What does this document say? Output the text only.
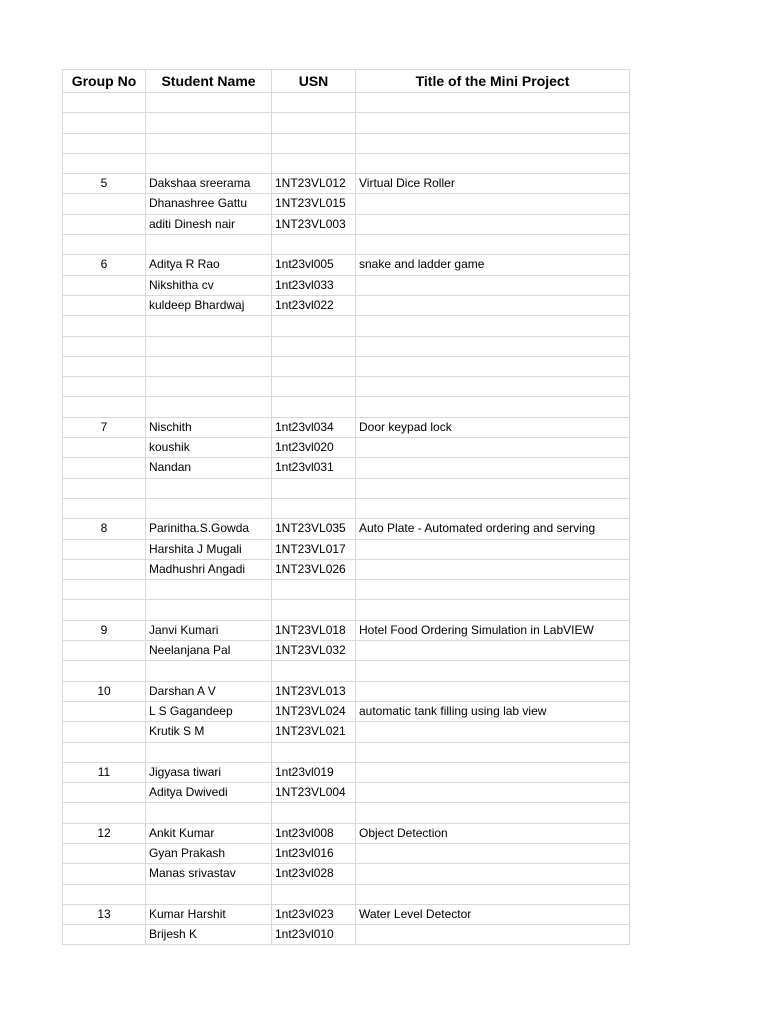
Group No	Student Name	USN	Title of the Mini Project

5	Dakshaa sreerama	1NT23VL012	Virtual Dice Roller
	Dhanashree Gattu	1NT23VL015	
	aditi Dinesh nair	1NT23VL003	

6	Aditya R Rao	1nt23vl005	snake and ladder game
	Nikshitha cv	1nt23vl033	
	kuldeep Bhardwaj	1nt23vl022	

7	Nischith	1nt23vl034	Door keypad lock
	koushik	1nt23vl020	
	Nandan	1nt23vl031	

8	Parinitha.S.Gowda	1NT23VL035	Auto Plate - Automated ordering and serving
	Harshita J Mugali	1NT23VL017	
	Madhushri Angadi	1NT23VL026	

9	Janvi Kumari	1NT23VL018	Hotel Food Ordering Simulation in LabVIEW
	Neelanjana Pal	1NT23VL032	

10	Darshan A V	1NT23VL013	
	L S Gagandeep	1NT23VL024	automatic tank filling using lab view
	Krutik S M	1NT23VL021	

11	Jigyasa tiwari	1nt23vl019	
	Aditya Dwivedi	1NT23VL004	

12	Ankit Kumar	1nt23vl008	Object Detection
	Gyan Prakash	1nt23vl016	
	Manas srivastav	1nt23vl028	

13	Kumar Harshit	1nt23vl023	Water Level Detector
	Brijesh K	1nt23vl010	
